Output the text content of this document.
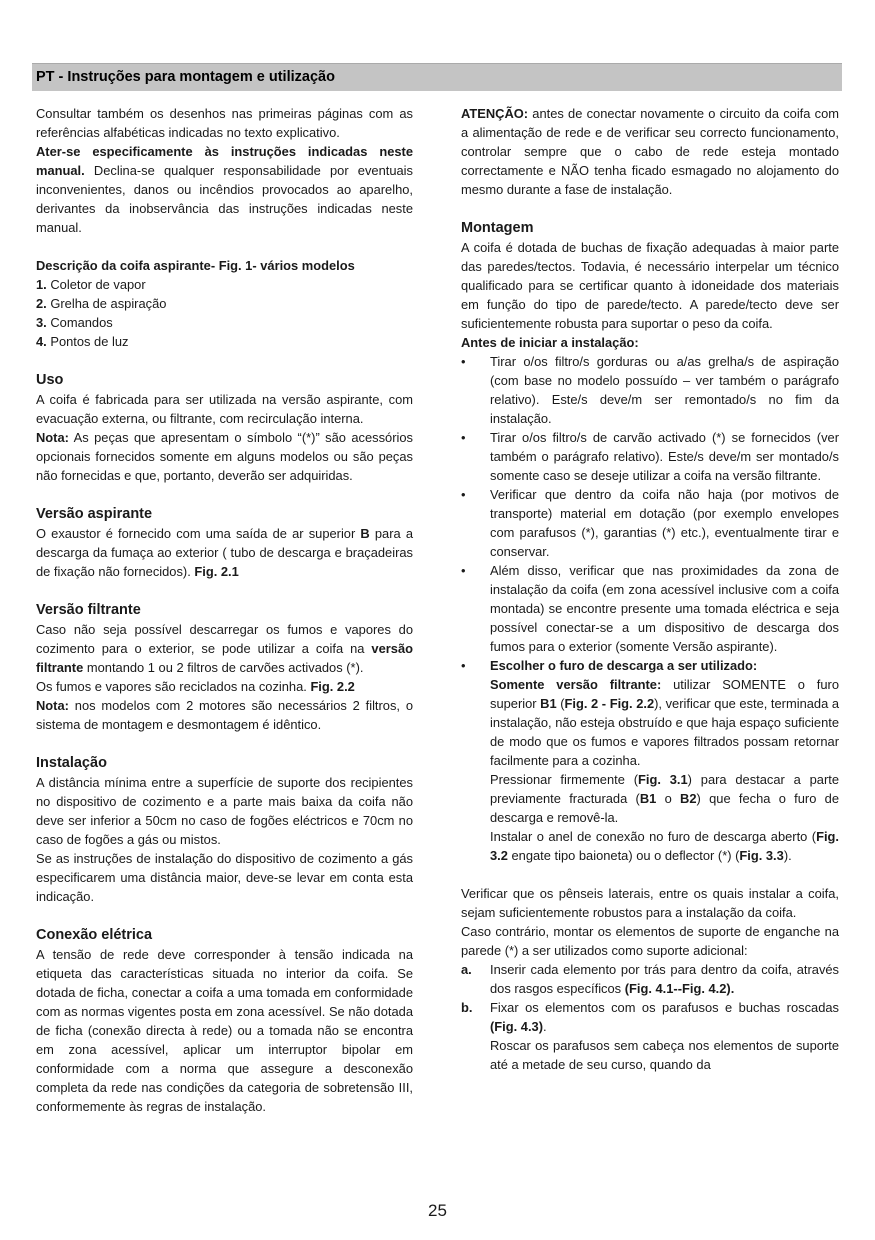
PT - Instruções para montagem e utilização

Consultar também os desenhos nas primeiras páginas com as referências alfabéticas indicadas no texto explicativo.

Ater-se especificamente às instruções indicadas neste manual. Declina-se qualquer responsabilidade por eventuais inconvenientes, danos ou incêndios provocados ao aparelho, derivantes da inobservância das instruções indicadas neste manual.

Descrição da coifa aspirante- Fig. 1- vários modelos

1. Coletor de vapor

2. Grelha de aspiração

3. Comandos

4. Pontos de luz

Uso

A coifa é fabricada para ser utilizada na versão aspirante, com evacuação externa, ou filtrante, com recirculação interna.

Nota: As peças que apresentam o símbolo “(*)” são acessórios opcionais fornecidos somente em alguns modelos ou são peças não fornecidas e que, portanto, deverão ser adquiridas.

Versão aspirante

O exaustor é fornecido com uma saída de ar superior B para a descarga da fumaça ao exterior ( tubo de descarga e braçadeiras de fixação não fornecidos). Fig. 2.1

Versão filtrante

Caso não seja possível descarregar os fumos e vapores do cozimento para o exterior, se pode utilizar a coifa na versão filtrante montando 1 ou 2 filtros de carvões activados (*).

Os fumos e vapores são reciclados na cozinha. Fig. 2.2

Nota: nos modelos com 2 motores são necessários 2 filtros, o sistema de montagem e desmontagem é idêntico.

Instalação

A distância mínima entre a superfície de suporte dos recipientes no dispositivo de cozimento e a parte mais baixa da coifa não deve ser inferior a 50cm no caso de fogões eléctricos e 70cm no caso de fogões a gás ou mistos.

Se as instruções de instalação do dispositivo de cozimento a gás especificarem uma distância maior, deve-se levar em conta esta indicação.

Conexão elétrica

A tensão de rede deve corresponder à tensão indicada na etiqueta das características situada no interior da coifa. Se dotada de ficha, conectar a coifa a uma tomada em conformidade com as normas vigentes posta em zona acessível. Se não dotada de ficha (conexão directa à rede) ou a tomada não se encontra em zona acessível, aplicar um interruptor bipolar em conformidade com a norma que assegure a desconexão completa da rede nas condições da categoria de sobretensão III, conformemente às regras de instalação.

ATENÇÃO: antes de conectar novamente o circuito da coifa com a alimentação de rede e de verificar seu correcto funcionamento, controlar sempre que o cabo de rede esteja montado correctamente e NÃO tenha ficado esmagado no alojamento do mesmo durante a fase de instalação.

Montagem

A coifa é dotada de buchas de fixação adequadas à maior parte das paredes/tectos. Todavia, é necessário interpelar um técnico qualificado para se certificar quanto à idoneidade dos materiais em função do tipo de parede/tecto. A parede/tecto deve ser suficientemente robusta para suportar o peso da coifa.

Antes de iniciar a instalação:

• Tirar o/os filtro/s gorduras ou a/as grelha/s de aspiração (com base no modelo possuído – ver também o parágrafo relativo). Este/s deve/m ser remontado/s no fim da instalação.
• Tirar o/os filtro/s de carvão activado (*) se fornecidos (ver também o parágrafo relativo). Este/s deve/m ser montado/s somente caso se deseje utilizar a coifa na versão filtrante.
• Verificar que dentro da coifa não haja (por motivos de transporte) material em dotação (por exemplo envelopes com parafusos (*), garantias (*) etc.), eventualmente tirar e conservar.
• Além disso, verificar que nas proximidades da zona de instalação da coifa (em zona acessível inclusive com a coifa montada) se encontre presente uma tomada eléctrica e seja possível conectar-se a um dispositivo de descarga dos fumos para o exterior (somente Versão aspirante).
• Escolher o furo de descarga a ser utilizado:
Somente versão filtrante: utilizar SOMENTE o furo superior B1 (Fig. 2 - Fig. 2.2), verificar que este, terminada a instalação, não esteja obstruído e que haja espaço suficiente de modo que os fumos e vapores filtrados possam retornar facilmente para a cozinha.
Pressionar firmemente (Fig. 3.1) para destacar a parte previamente fracturada (B1 o B2) que fecha o furo de descarga e removê-la.
Instalar o anel de conexão no furo de descarga aberto (Fig. 3.2 engate tipo baioneta) ou o deflector (*) (Fig. 3.3).

Verificar que os pênseis laterais, entre os quais instalar a coifa, sejam suficientemente robustos para a instalação da coifa.

Caso contrário, montar os elementos de suporte de enganche na parede (*) a ser utilizados como suporte adicional:

a. Inserir cada elemento por trás para dentro da coifa, através dos rasgos específicos (Fig. 4.1--Fig. 4.2).
b. Fixar os elementos com os parafusos e buchas roscadas (Fig. 4.3).
Roscar os parafusos sem cabeça nos elementos de suporte até a metade de seu curso, quando da
25
